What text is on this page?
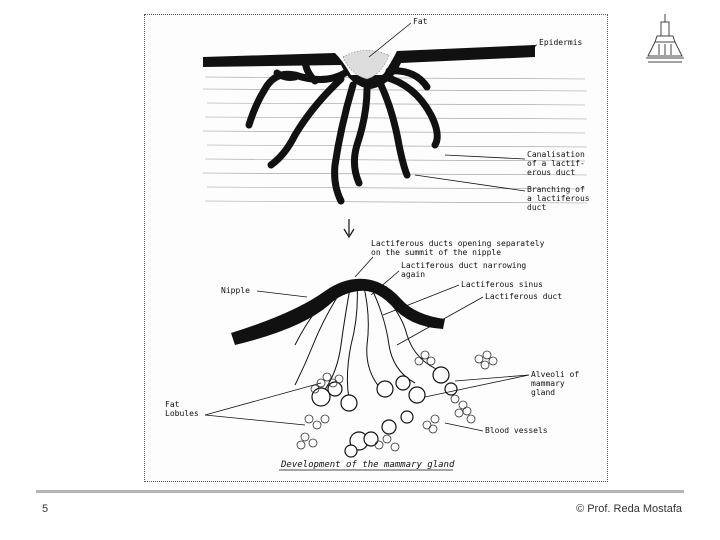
Fat
Epidermis
Canalisation
of a lactif-
erous duct
Branching of
a lactiferous
duct
Lactiferous ducts opening separately
on the summit of the nipple
Lactiferous duct narrowing
again
Lactiferous sinus
Lactiferous duct
Nipple
Alveoli of
mammary
gland
Fat
Lobules
Blood vessels
Development of the mammary gland
5	© Prof. Reda Mostafa
